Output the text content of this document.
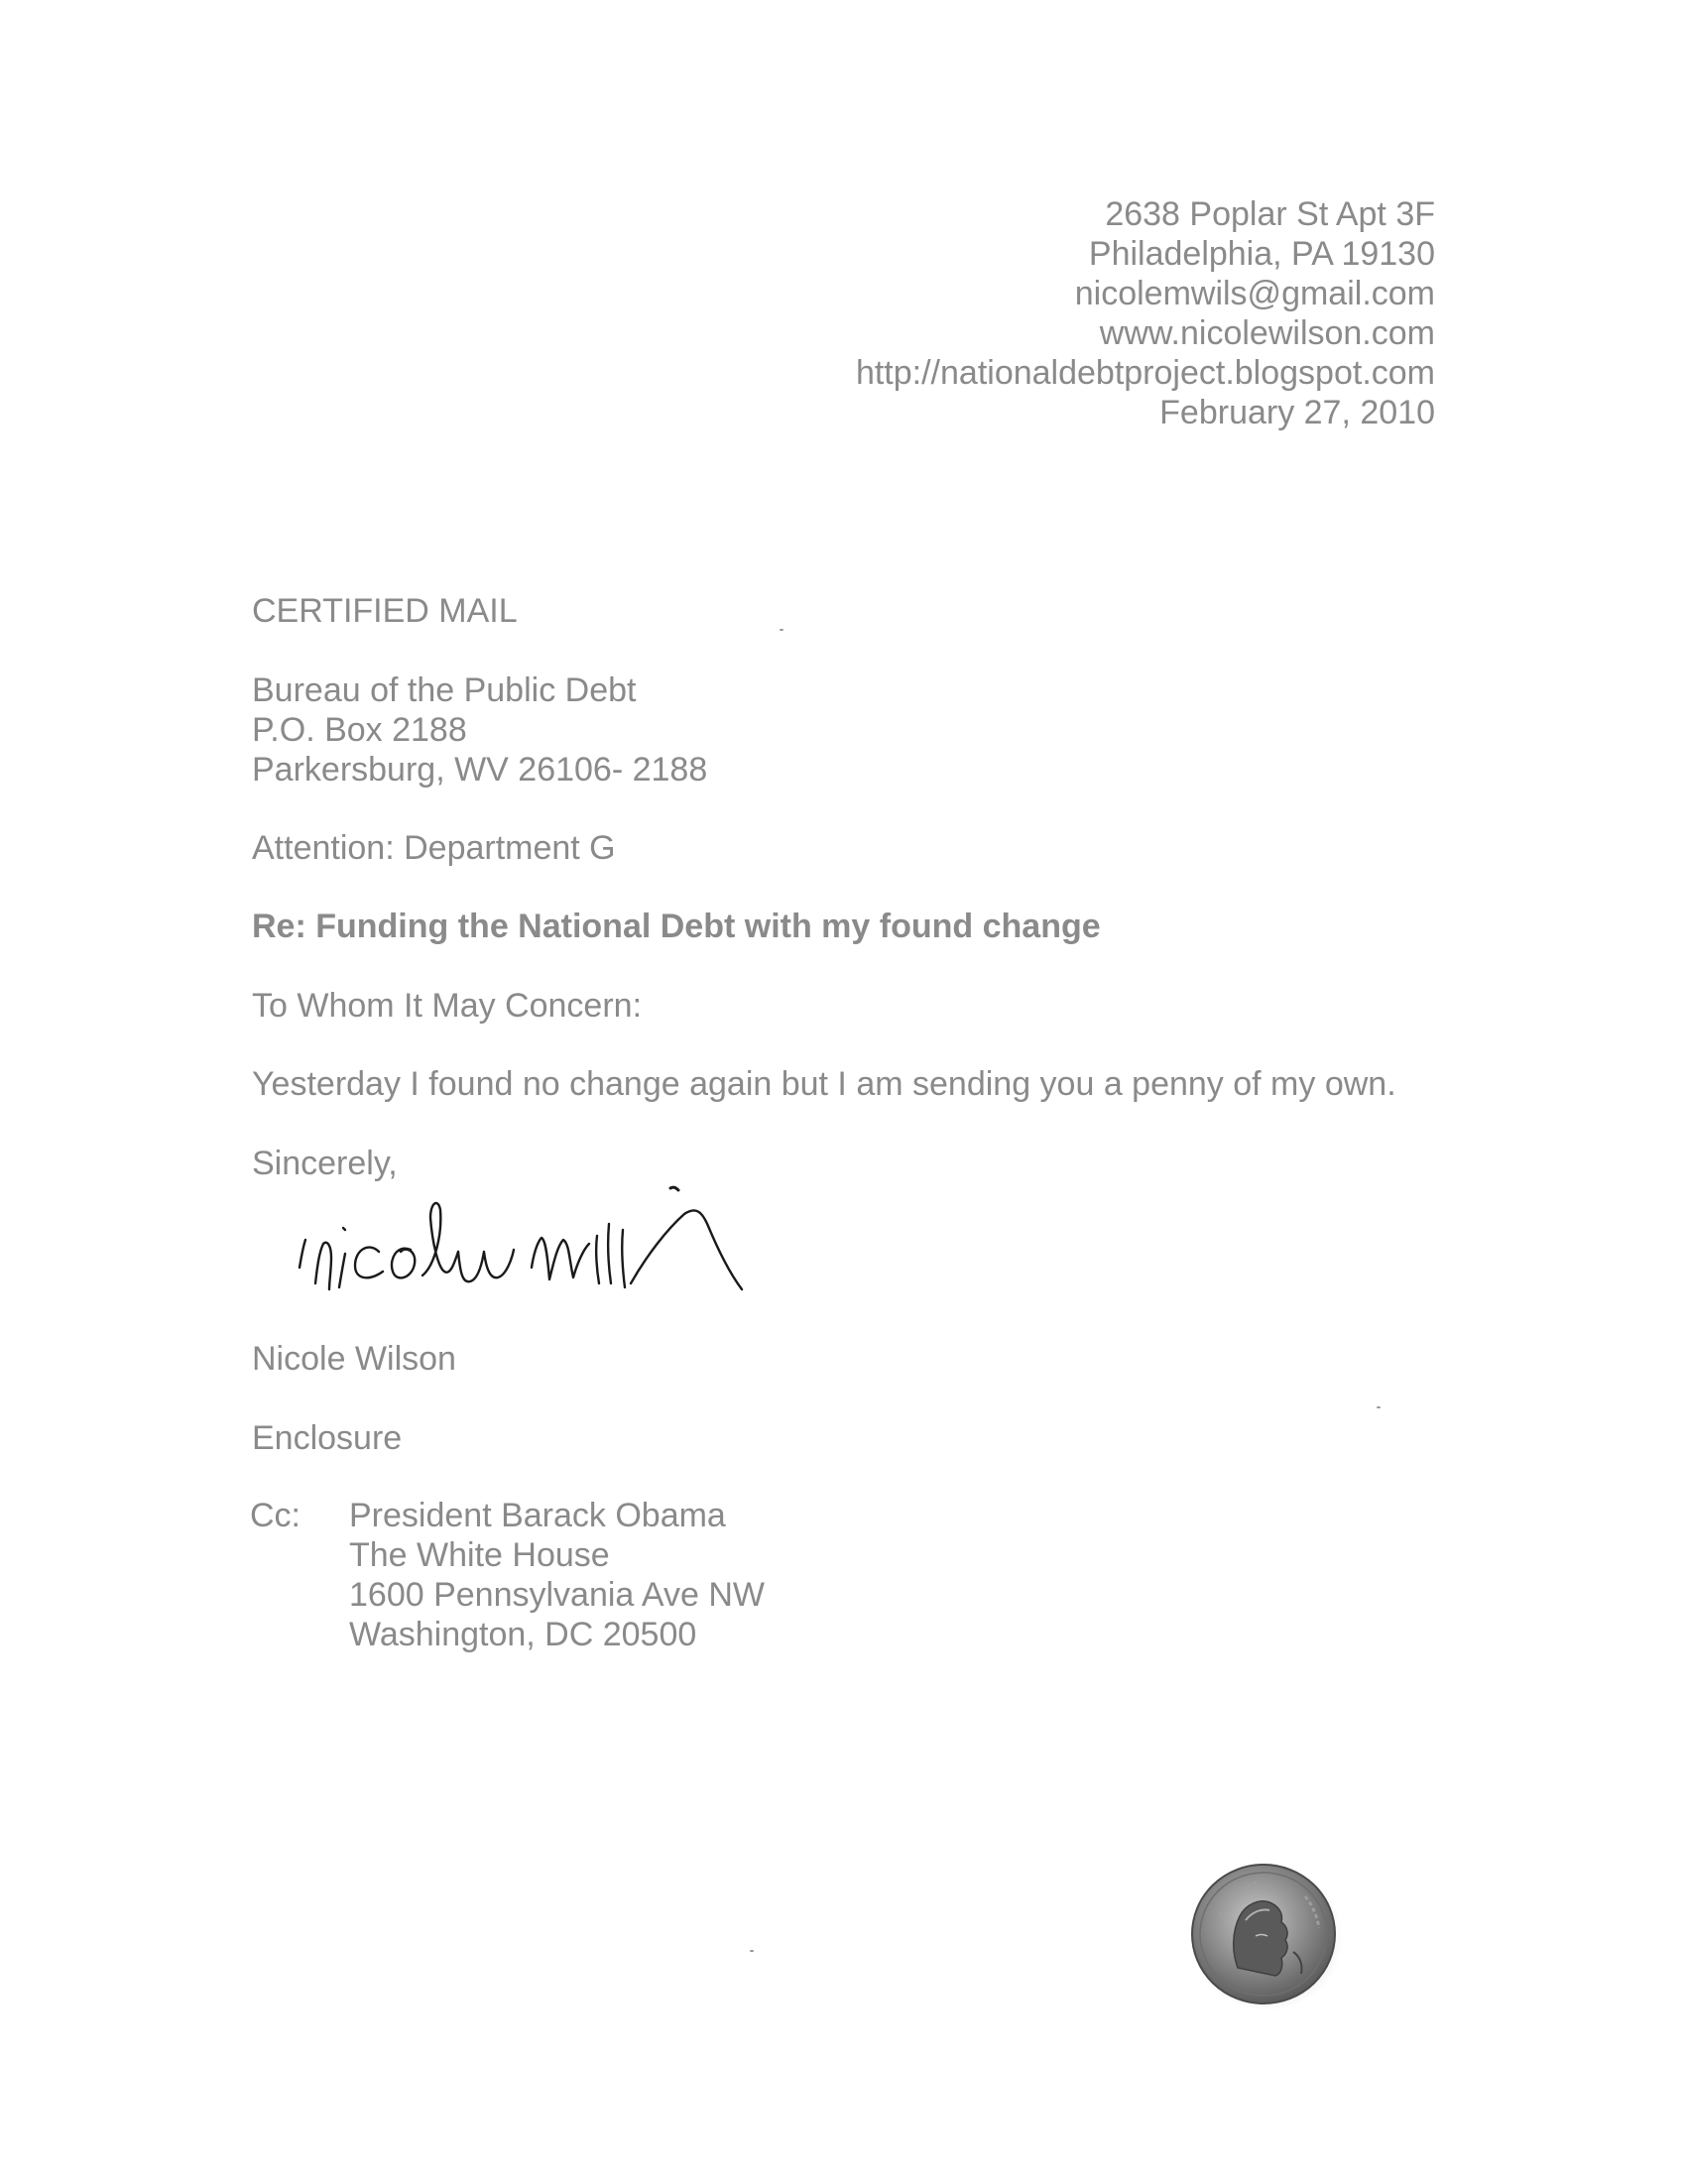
2638 Poplar St Apt 3F
Philadelphia, PA 19130
nicolemwils@gmail.com
www.nicolewilson.com
http://nationaldebtproject.blogspot.com
February 27, 2010
CERTIFIED MAIL
Bureau of the Public Debt
P.O. Box 2188
Parkersburg, WV 26106- 2188
Attention: Department G
Re: Funding the National Debt with my found change
To Whom It May Concern:
Yesterday I found no change again but I am sending you a penny of my own.
Sincerely,
Nicole Wilson
Enclosure
Cc: President Barack Obama
The White House
1600 Pennsylvania Ave NW
Washington, DC 20500
